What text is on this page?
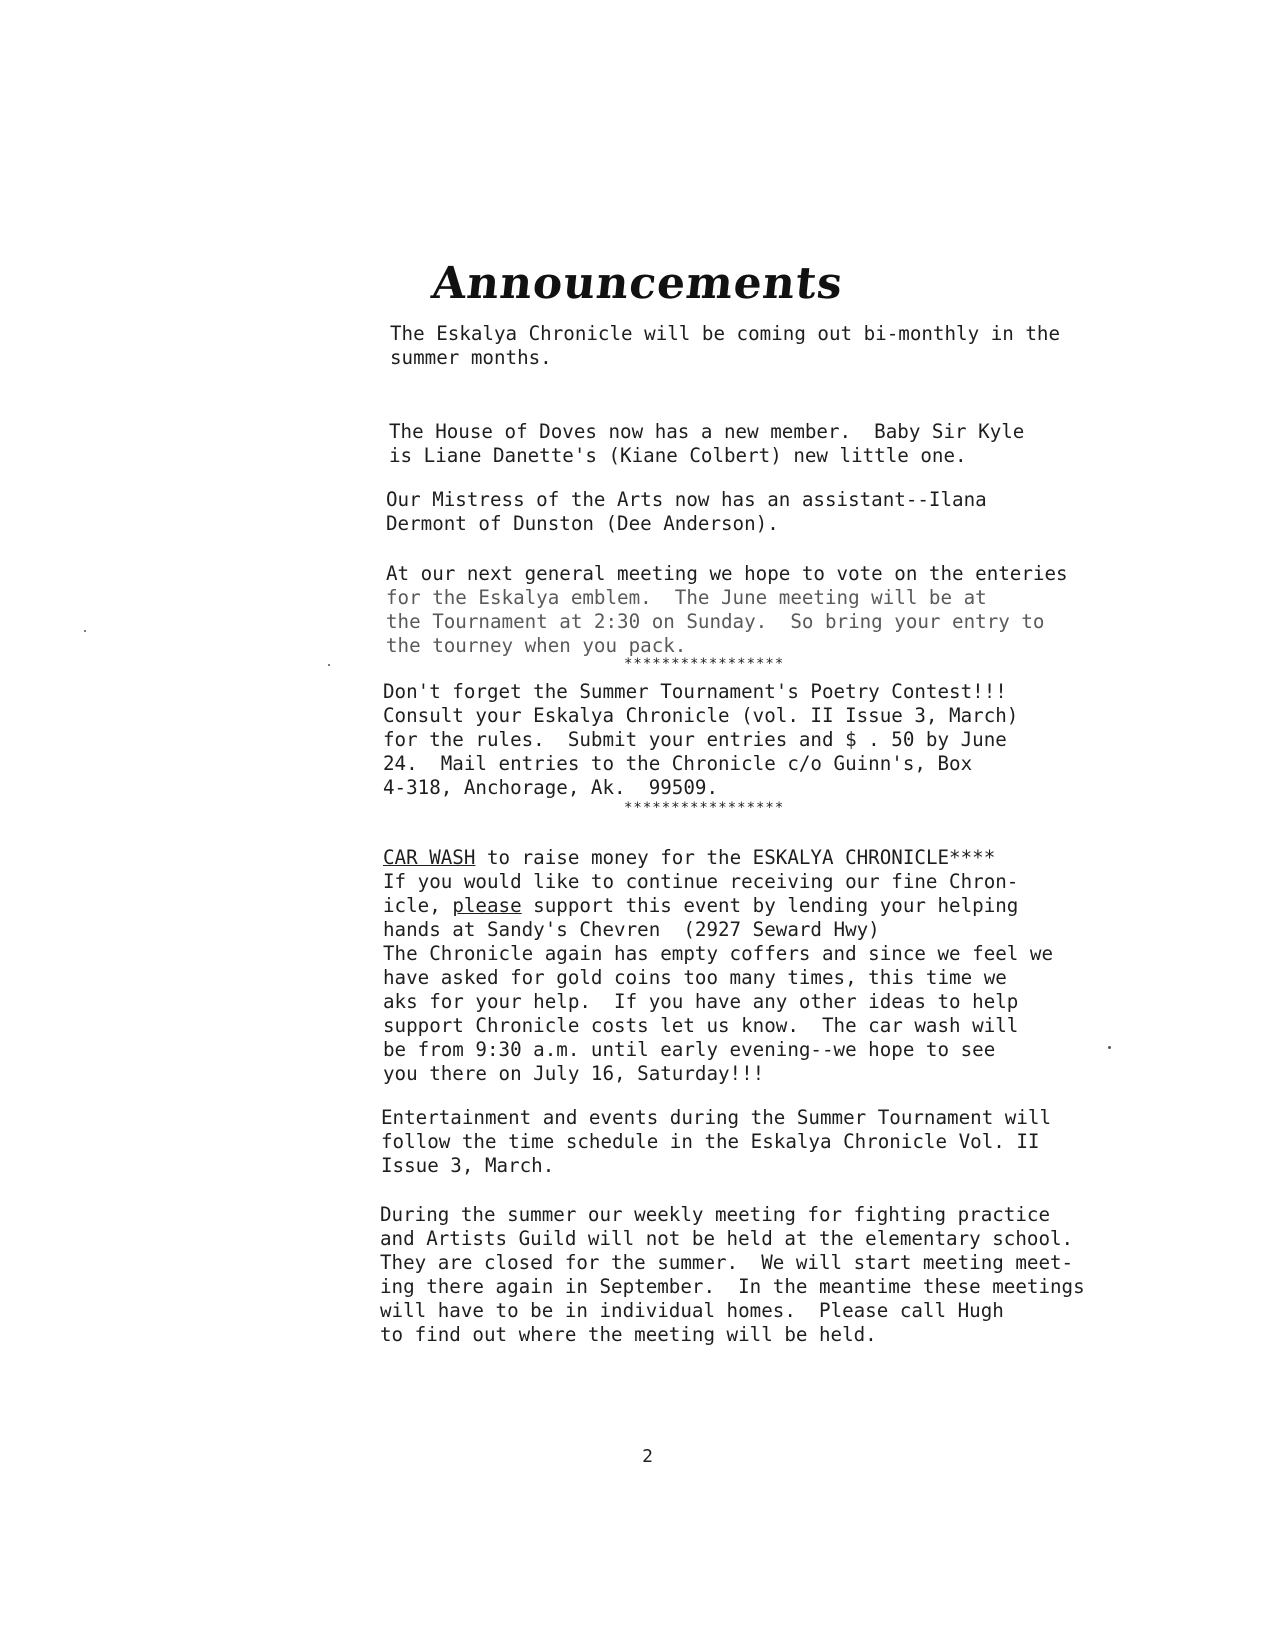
Announcements
The Eskalya Chronicle will be coming out bi-monthly in the
summer months.
The House of Doves now has a new member.  Baby Sir Kyle
is Liane Danette's (Kiane Colbert) new little one.
Our Mistress of the Arts now has an assistant--Ilana
Dermont of Dunston (Dee Anderson).
At our next general meeting we hope to vote on the enteries
for the Eskalya emblem.  The June meeting will be at
the Tournament at 2:30 on Sunday.  So bring your entry to
the tourney when you pack.
*****************
Don't forget the Summer Tournament's Poetry Contest!!!
Consult your Eskalya Chronicle (vol. II Issue 3, March)
for the rules.  Submit your entries and $ . 50 by June
24.  Mail entries to the Chronicle c/o Guinn's, Box
4-318, Anchorage, Ak.  99509.
*****************
CAR WASH to raise money for the ESKALYA CHRONICLE****
If you would like to continue receiving our fine Chron-
icle, please support this event by lending your helping
hands at Sandy's Chevren  (2927 Seward Hwy)
The Chronicle again has empty coffers and since we feel we
have asked for gold coins too many times, this time we
aks for your help.  If you have any other ideas to help
support Chronicle costs let us know.  The car wash will
be from 9:30 a.m. until early evening--we hope to see
you there on July 16, Saturday!!!
Entertainment and events during the Summer Tournament will
follow the time schedule in the Eskalya Chronicle Vol. II
Issue 3, March.
During the summer our weekly meeting for fighting practice
and Artists Guild will not be held at the elementary school.
They are closed for the summer.  We will start meeting meet-
ing there again in September.  In the meantime these meetings
will have to be in individual homes.  Please call Hugh
to find out where the meeting will be held.
2
